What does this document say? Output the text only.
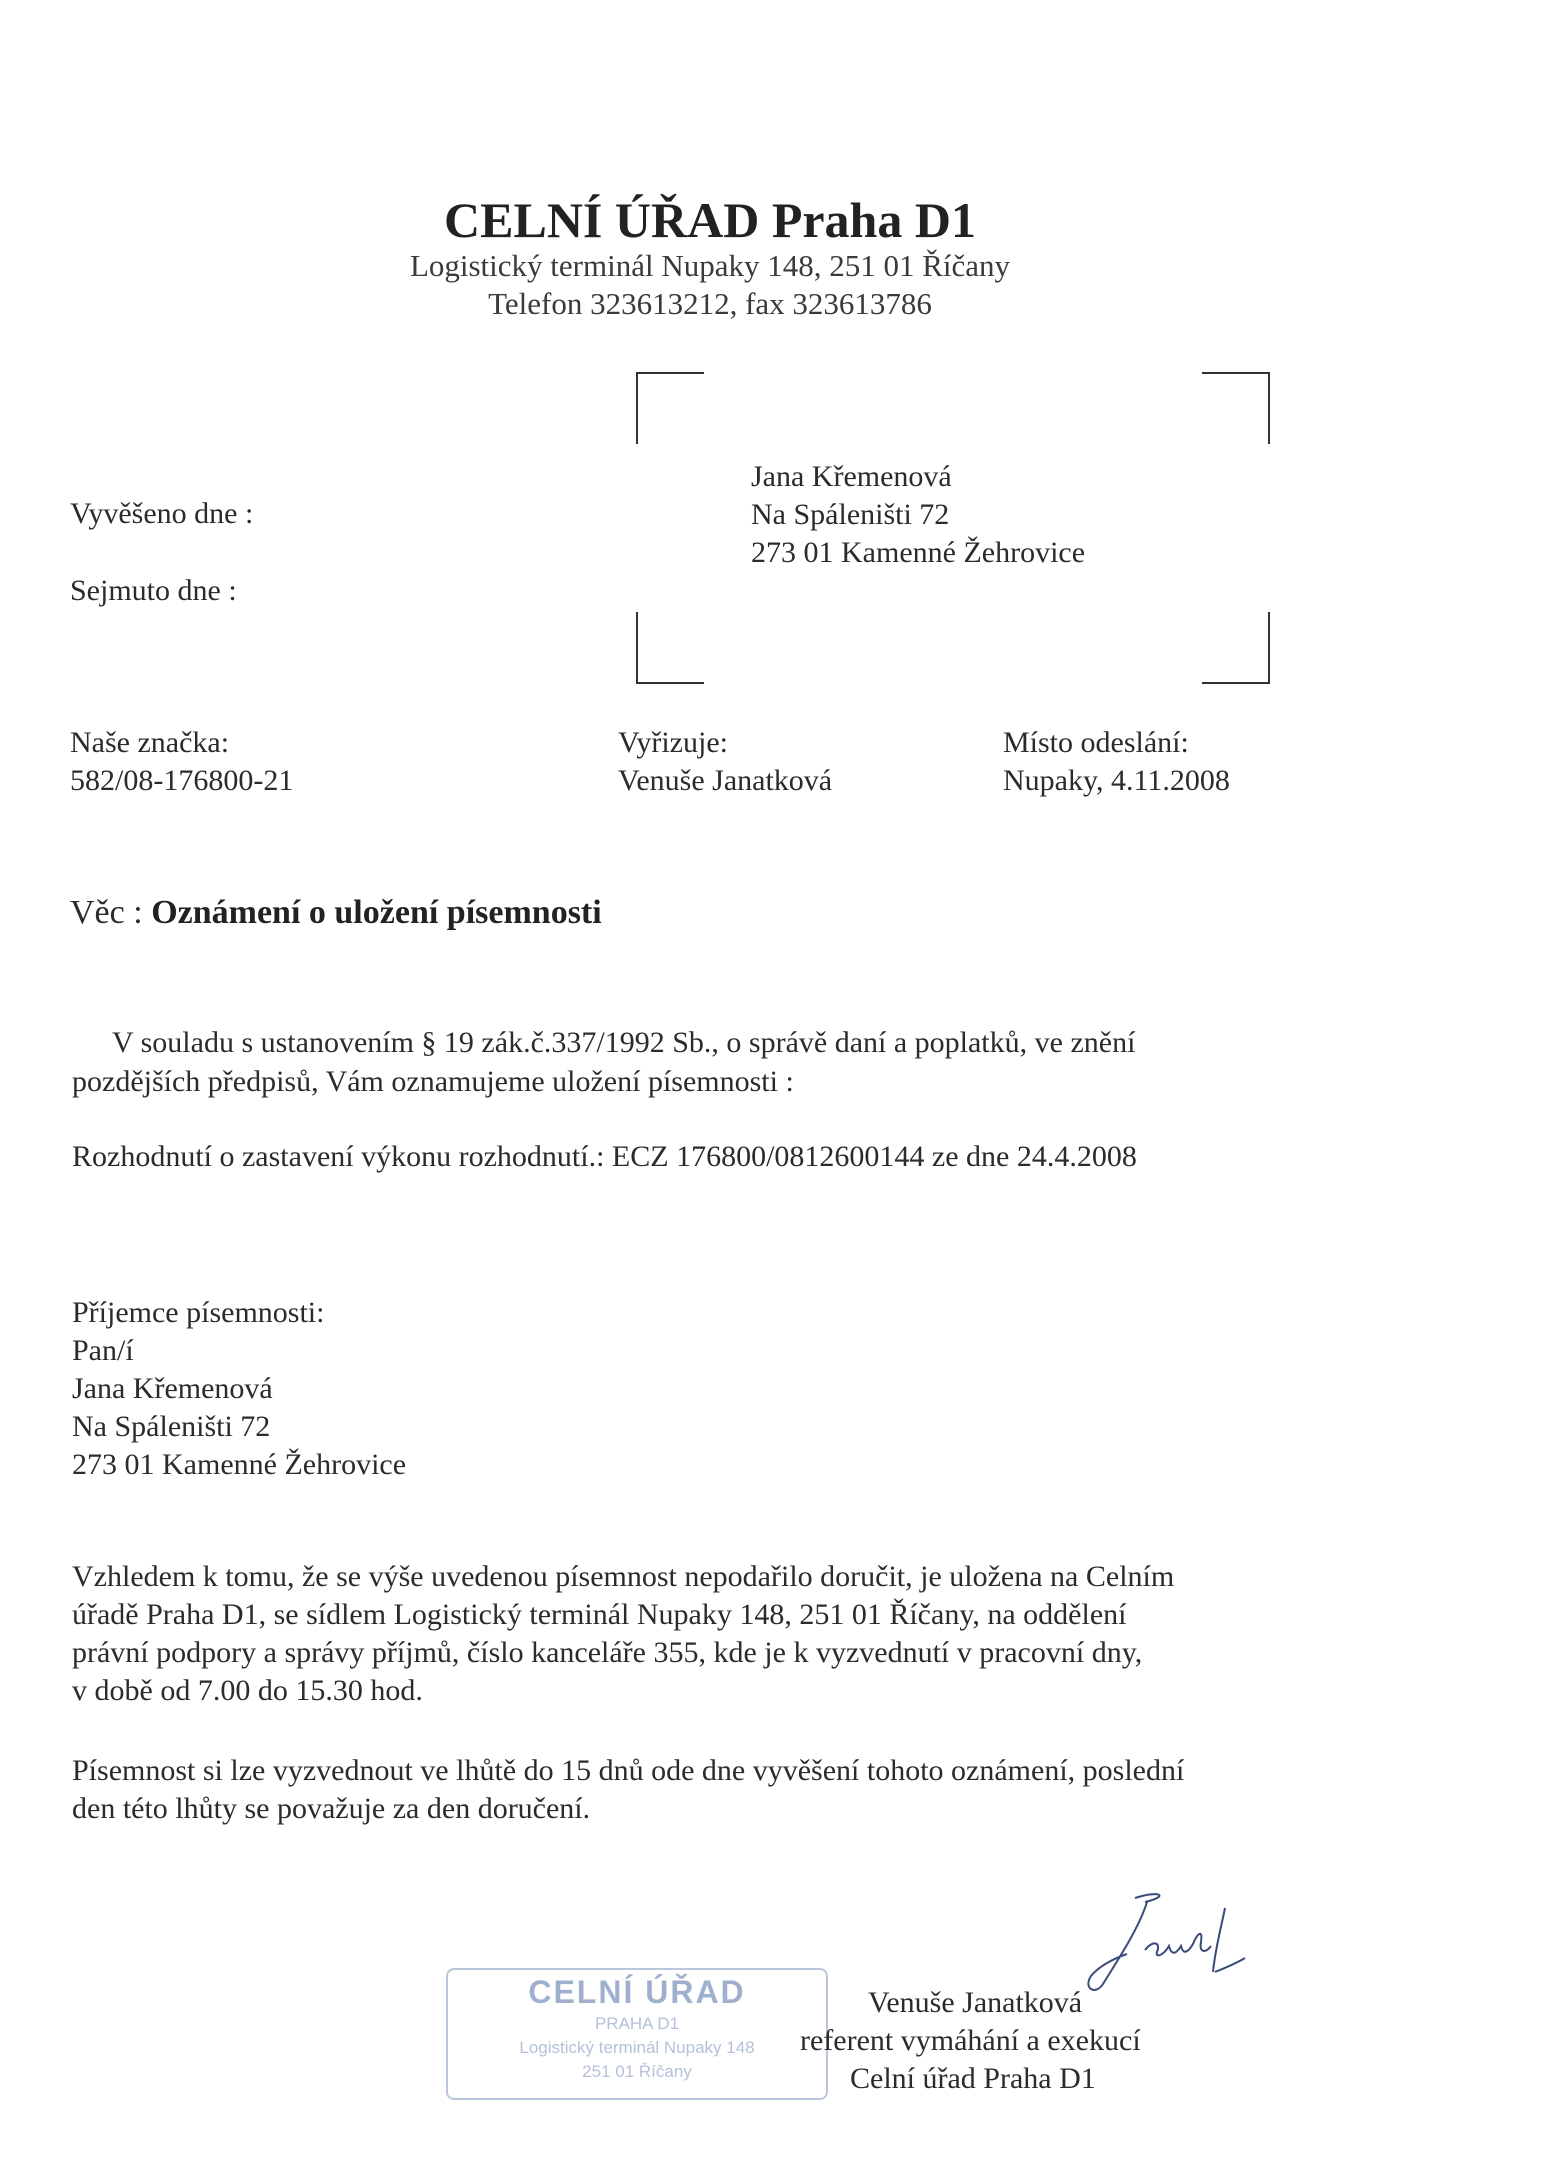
CELNÍ ÚŘAD Praha D1
Logistický terminál Nupaky 148, 251 01 Říčany
Telefon 323613212, fax 323613786
Vyvěšeno dne :
Sejmuto dne :
Jana Křemenová
Na Spáleništi 72
273 01 Kamenné Žehrovice
Naše značka:
582/08-176800-21
Vyřizuje:
Venuše Janatková
Místo odeslání:
Nupaky, 4.11.2008
Věc : Oznámení o uložení písemnosti
V souladu s ustanovením § 19 zák.č.337/1992 Sb., o správě daní a poplatků, ve znění
pozdějších předpisů, Vám oznamujeme uložení písemnosti :
Rozhodnutí o zastavení výkonu rozhodnutí.: ECZ 176800/0812600144 ze dne 24.4.2008
Příjemce písemnosti:
Pan/í
Jana Křemenová
Na Spáleništi 72
273 01 Kamenné Žehrovice
Vzhledem k tomu, že se výše uvedenou písemnost nepodařilo doručit, je uložena na Celním
úřadě Praha D1, se sídlem Logistický terminál Nupaky 148, 251 01 Říčany, na oddělení
právní podpory a správy příjmů, číslo kanceláře 355, kde je k vyzvednutí v pracovní dny,
v době od 7.00 do 15.30 hod.
Písemnost si lze vyzvednout ve lhůtě do 15 dnů ode dne vyvěšení tohoto oznámení, poslední
den této lhůty se považuje za den doručení.
CELNÍ ÚŘAD
PRAHA D1
Logistický terminál Nupaky 148
251 01 Říčany
Venuše Janatková
referent vymáhání a exekucí
Celní úřad Praha D1
